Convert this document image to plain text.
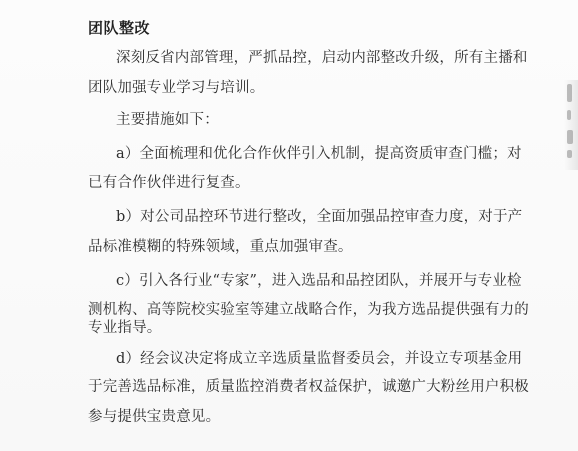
团队整改
深刻反省内部管理，严抓品控，启动内部整改升级，所有主播和
团队加强专业学习与培训。
主要措施如下：
a）全面梳理和优化合作伙伴引入机制，提高资质审查门槛；对
已有合作伙伴进行复查。
b）对公司品控环节进行整改，全面加强品控审查力度，对于产
品标准模糊的特殊领域，重点加强审查。
c）引入各行业“专家”，进入选品和品控团队，并展开与专业检
测机构、高等院校实验室等建立战略合作，为我方选品提供强有力的
专业指导。
d）经会议决定将成立辛选质量监督委员会，并设立专项基金用
于完善选品标准，质量监控消费者权益保护，诚邀广大粉丝用户积极
参与提供宝贵意见。
